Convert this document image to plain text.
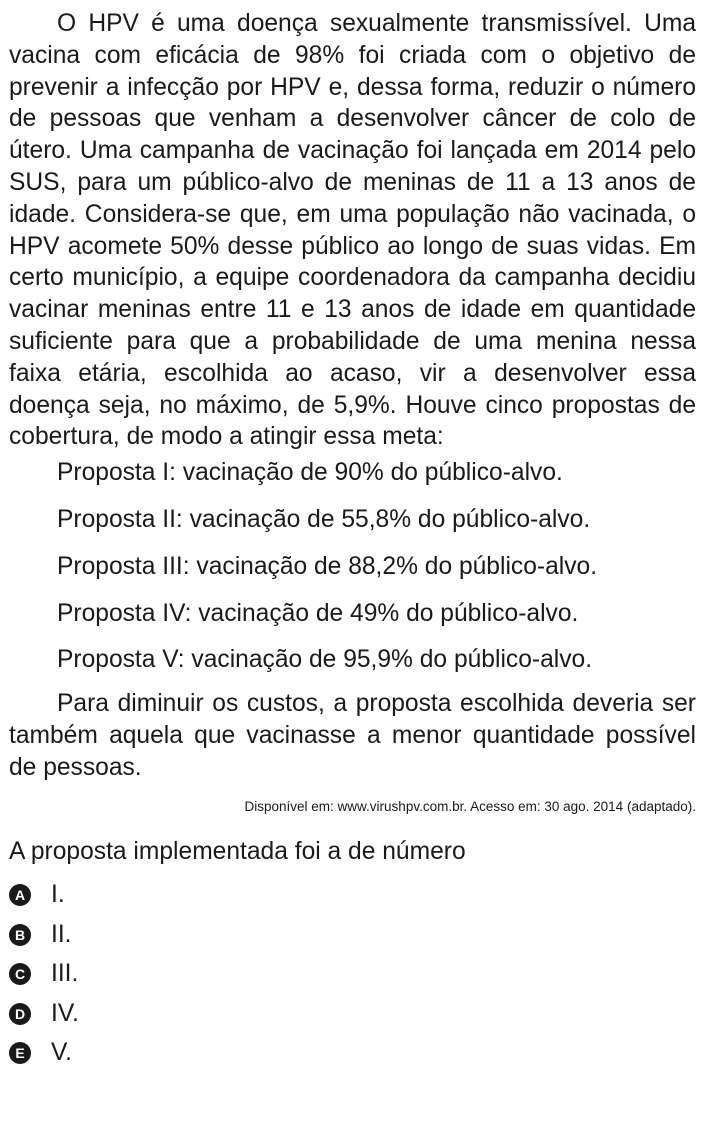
O HPV é uma doença sexualmente transmissível. Uma vacina com eficácia de 98% foi criada com o objetivo de prevenir a infecção por HPV e, dessa forma, reduzir o número de pessoas que venham a desenvolver câncer de colo de útero. Uma campanha de vacinação foi lançada em 2014 pelo SUS, para um público-alvo de meninas de 11 a 13 anos de idade. Considera-se que, em uma população não vacinada, o HPV acomete 50% desse público ao longo de suas vidas. Em certo município, a equipe coordenadora da campanha decidiu vacinar meninas entre 11 e 13 anos de idade em quantidade suficiente para que a probabilidade de uma menina nessa faixa etária, escolhida ao acaso, vir a desenvolver essa doença seja, no máximo, de 5,9%. Houve cinco propostas de cobertura, de modo a atingir essa meta:

Proposta I: vacinação de 90% do público-alvo.
Proposta II: vacinação de 55,8% do público-alvo.
Proposta III: vacinação de 88,2% do público-alvo.
Proposta IV: vacinação de 49% do público-alvo.
Proposta V: vacinação de 95,9% do público-alvo.

Para diminuir os custos, a proposta escolhida deveria ser também aquela que vacinasse a menor quantidade possível de pessoas.

Disponível em: www.virushpv.com.br. Acesso em: 30 ago. 2014 (adaptado).

A proposta implementada foi a de número

A I.
B II.
C III.
D IV.
E V.
